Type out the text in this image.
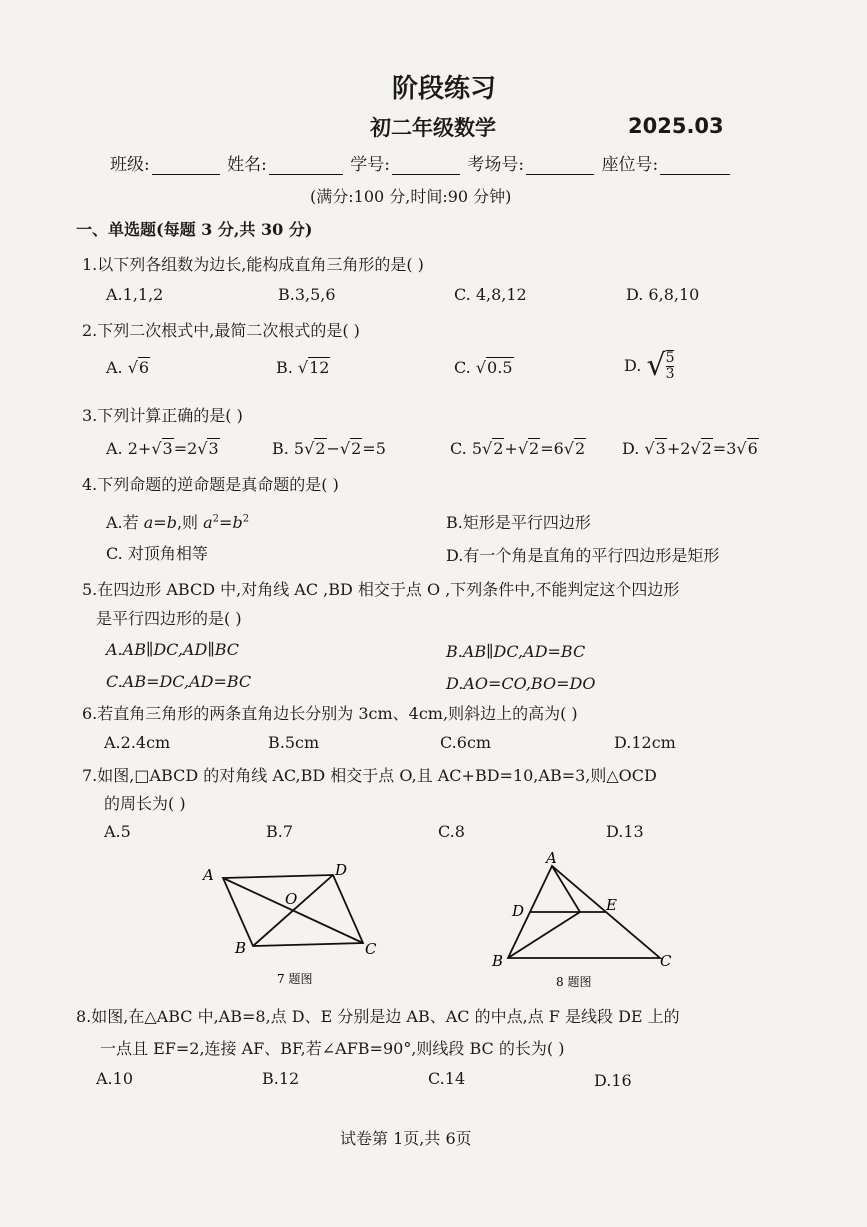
阶段练习
初二年级数学	2025.03
班级:	姓名:	学号:	考场号:	座位号:
(满分:100 分,时间:90 分钟)
一、单选题(每题 3 分,共 30 分)
1.以下列各组数为边长,能构成直角三角形的是( )
A.1,1,2	B.3,5,6	C. 4,8,12	D. 6,8,10
2.下列二次根式中,最简二次根式的是( )
A. √6	B. √12	C. √0.5	D. √ $\frac{5}{3}$
3.下列计算正确的是( )
A. 2+√3=2√3	B. 5√2−√2=5	C. 5√2+√2=6√2 D. √3+2√2=3√6
4.下列命题的逆命题是真命题的是( )
A.若 a=b,则 $a^2=b^2$	B.矩形是平行四边形
C. 对顶角相等	D.有一个角是直角的平行四边形是矩形
5.在四边形 ABCD 中,对角线 AC ,BD 相交于点 O ,下列条件中,不能判定这个四边形
是平行四边形的是( )
A.AB∥DC,AD∥BC	B.AB∥DC,AD=BC
C.AB=DC,AD=BC	D.AO=CO,BO=DO
6.若直角三角形的两条直角边长分别为 3cm、4cm,则斜边上的高为( )
A.2.4cm	B.5cm	C.6cm	D.12cm
7.如图,□ABCD 的对角线 AC,BD 相交于点 O,且 AC+BD=10,AB=3,则△OCD
的周长为( )
A.5	B.7	C.8	D.13
A	D
O
B	C
7 题图
A
D	E
B	C
8 题图
8.如图,在△ABC 中,AB=8,点 D、E 分别是边 AB、AC 的中点,点 F 是线段 DE 上的
一点且 EF=2,连接 AF、BF,若∠AFB=90°,则线段 BC 的长为( )
A.10	B.12	C.14	D.16
试卷第 1页,共 6页
